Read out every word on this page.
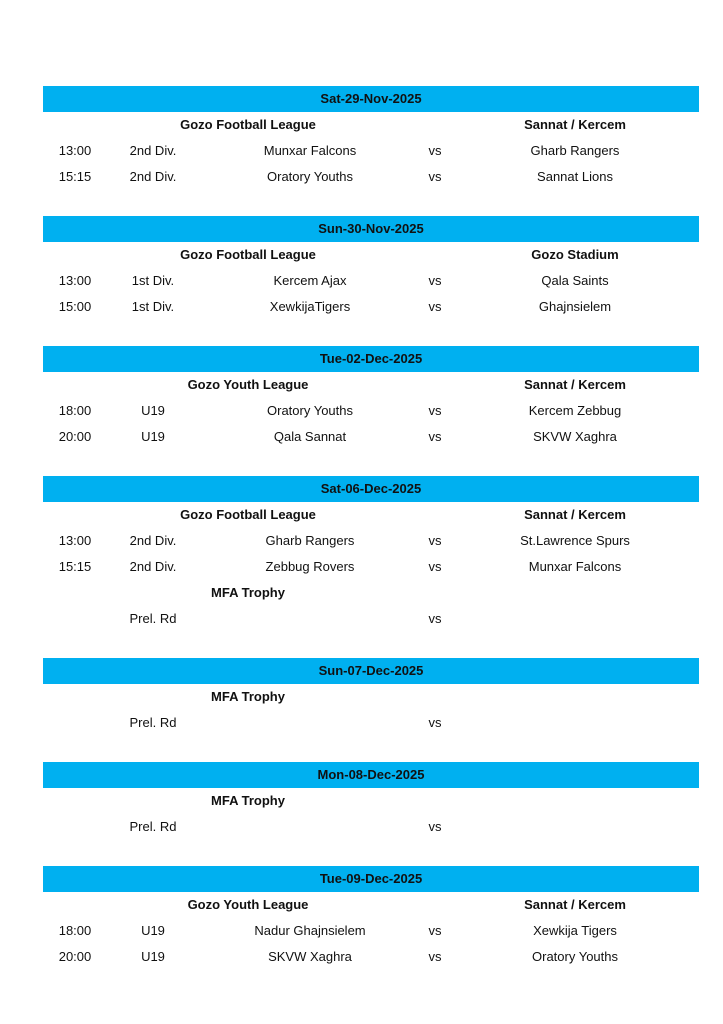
Sat-29-Nov-2025
Gozo Football League	Sannat / Kercem
13:00	2nd Div.	Munxar Falcons	vs	Gharb Rangers
15:15	2nd Div.	Oratory Youths	vs	Sannat Lions
Sun-30-Nov-2025
Gozo Football League	Gozo Stadium
13:00	1st Div.	Kercem Ajax	vs	Qala Saints
15:00	1st Div.	XewkijaTigers	vs	Ghajnsielem
Tue-02-Dec-2025
Gozo Youth League	Sannat / Kercem
18:00	U19	Oratory Youths	vs	Kercem Zebbug
20:00	U19	Qala Sannat	vs	SKVW Xaghra
Sat-06-Dec-2025
Gozo Football League	Sannat / Kercem
13:00	2nd Div.	Gharb Rangers	vs	St.Lawrence Spurs
15:15	2nd Div.	Zebbug Rovers	vs	Munxar Falcons
MFA Trophy
Prel. Rd	vs
Sun-07-Dec-2025
MFA Trophy
Prel. Rd	vs
Mon-08-Dec-2025
MFA Trophy
Prel. Rd	vs
Tue-09-Dec-2025
Gozo Youth League	Sannat / Kercem
18:00	U19	Nadur Ghajnsielem	vs	Xewkija Tigers
20:00	U19	SKVW Xaghra	vs	Oratory Youths
